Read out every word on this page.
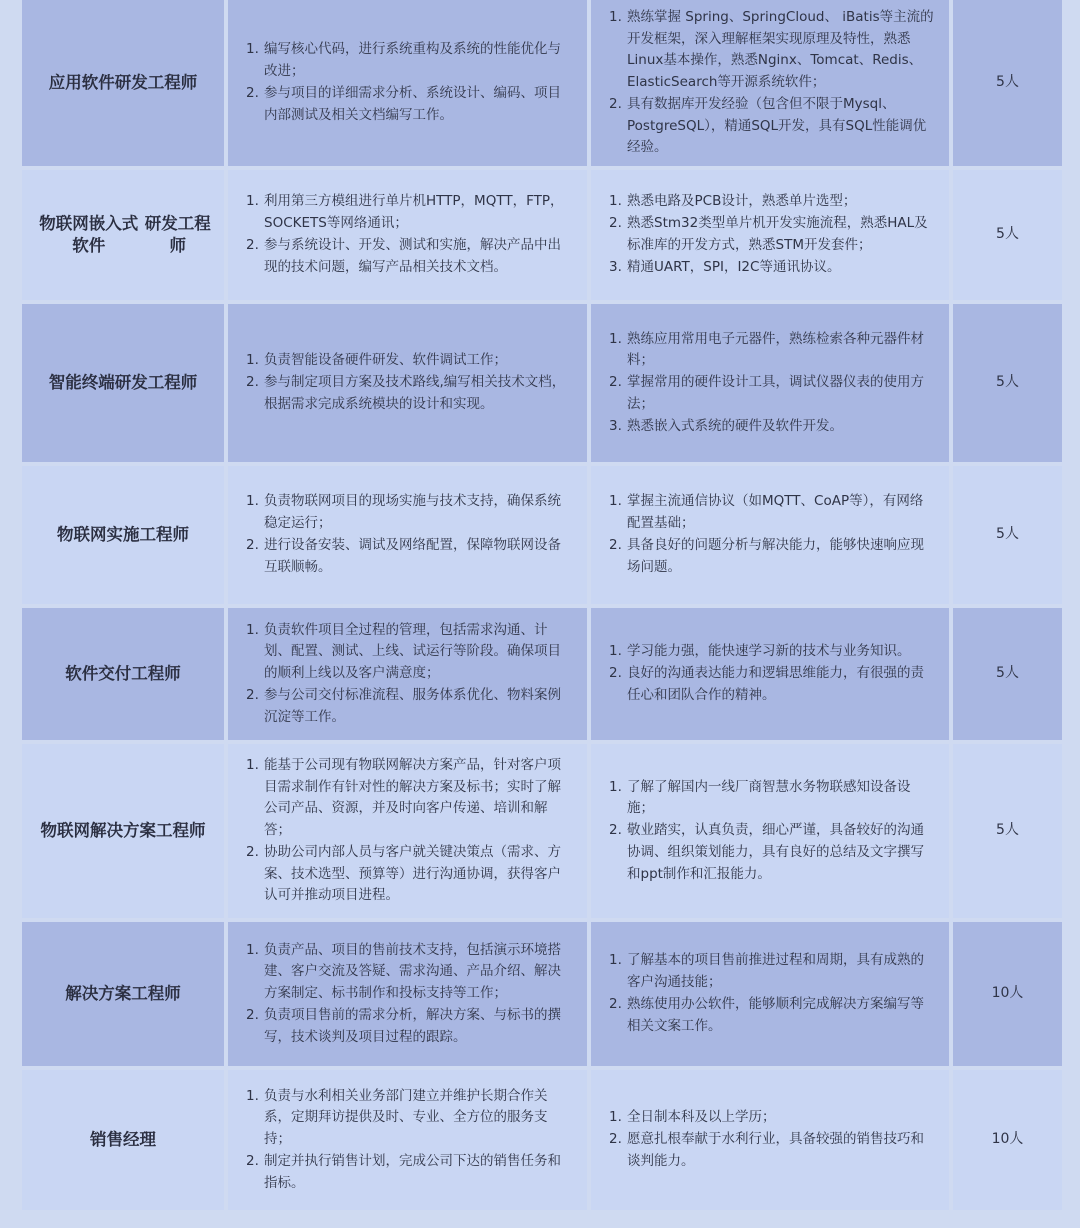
应用软件研发工程师
1. 编写核心代码，进行系统重构及系统的性能优化与改进；
2. 参与项目的详细需求分析、系统设计、编码、项目内部测试及相关文档编写工作。
1. 熟练掌握 Spring、SpringCloud、 iBatis等主流的开发框架，深入理解框架实现原理及特性，熟悉Linux基本操作，熟悉Nginx、Tomcat、Redis、ElasticSearch等开源系统软件；
2. 具有数据库开发经验（包含但不限于Mysql、PostgreSQL），精通SQL开发，具有SQL性能调优经验。
5人
物联网嵌入式软件

研发工程师
1. 利用第三方模组进行单片机HTTP，MQTT，FTP，SOCKETS等网络通讯；
2. 参与系统设计、开发、测试和实施，解决产品中出现的技术问题，编写产品相关技术文档。
1. 熟悉电路及PCB设计，熟悉单片选型；
2. 熟悉Stm32类型单片机开发实施流程，熟悉HAL及标准库的开发方式，熟悉STM开发套件；
3. 精通UART，SPI，I2C等通讯协议。
5人
智能终端研发工程师
1. 负责智能设备硬件研发、软件调试工作；
2. 参与制定项目方案及技术路线,编写相关技术文档，根据需求完成系统模块的设计和实现。
1. 熟练应用常用电子元器件，熟练检索各种元器件材料；
2. 掌握常用的硬件设计工具，调试仪器仪表的使用方法；
3. 熟悉嵌入式系统的硬件及软件开发。
5人
物联网实施工程师
1. 负责物联网项目的现场实施与技术支持，确保系统稳定运行；
2. 进行设备安装、调试及网络配置，保障物联网设备互联顺畅。
1. 掌握主流通信协议（如MQTT、CoAP等），有网络配置基础；
2. 具备良好的问题分析与解决能力，能够快速响应现场问题。
5人
软件交付工程师
1. 负责软件项目全过程的管理，包括需求沟通、计划、配置、测试、上线、试运行等阶段。确保项目的顺利上线以及客户满意度；
2. 参与公司交付标准流程、服务体系优化、物料案例沉淀等工作。
1. 学习能力强，能快速学习新的技术与业务知识。
2. 良好的沟通表达能力和逻辑思维能力，有很强的责任心和团队合作的精神。
5人
物联网解决方案 工程师
1. 能基于公司现有物联网解决方案产品，针对客户项目需求制作有针对性的解决方案及标书；实时了解公司产品、资源，并及时向客户传递、培训和解答；
2. 协助公司内部人员与客户就关键决策点（需求、方案、技术选型、预算等）进行沟通协调，获得客户认可并推动项目进程。
1. 了解了解国内一线厂商智慧水务物联感知设备设施；
2. 敬业踏实，认真负责，细心严谨，具备较好的沟通协调、组织策划能力，具有良好的总结及文字撰写和ppt制作和汇报能力。
5人
解决方案工程师
1. 负责产品、项目的售前技术支持，包括演示环境搭建、客户交流及答疑、需求沟通、产品介绍、解决方案制定、标书制作和投标支持等工作；
2. 负责项目售前的需求分析，解决方案、与标书的撰写，技术谈判及项目过程的跟踪。
1. 了解基本的项目售前推进过程和周期，具有成熟的客户沟通技能；
2. 熟练使用办公软件，能够顺利完成解决方案编写等相关文案工作。
10人
销售经理
1. 负责与水利相关业务部门建立并维护长期合作关系，定期拜访提供及时、专业、全方位的服务支持；
2. 制定并执行销售计划，完成公司下达的销售任务和指标。
1. 全日制本科及以上学历；
2. 愿意扎根奉献于水利行业，具备较强的销售技巧和谈判能力。
10人
